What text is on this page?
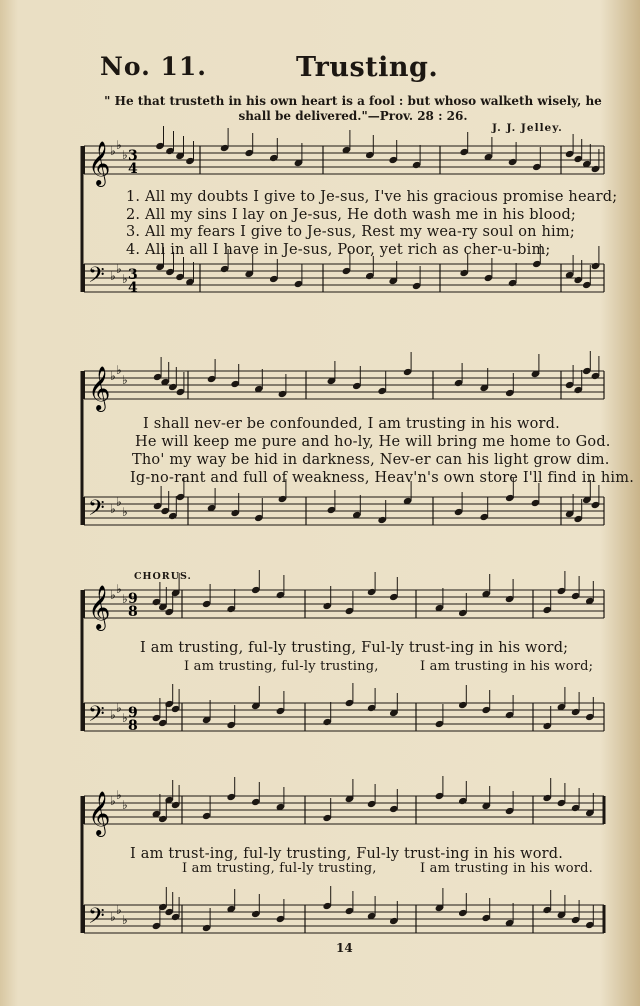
No. 11.	Trusting.
" He that trusteth in his own heart is a fool : but whoso walketh wisely, he shall be delivered."—Prov. 28 : 26.
J. J. Jelley.
𝄞 ♭ ♭
♭
𝄢 ♭ ♭
♭
𝄞 ♭ ♭
♭
𝄢 ♭ ♭
♭
𝄞 ♭ ♭
♭
𝄢 ♭ ♭
♭
𝄞 ♭ ♭
♭
𝄢 ♭ ♭
♭
3
4
3
4
9
8
9
8
1. All my doubts I give to Je-sus, I've his gracious promise heard;
2. All my sins I lay on Je-sus, He doth wash me in his blood;
3. All my fears I give to Je-sus, Rest my wea-ry soul on him;
4. All in all I have in Je-sus, Poor, yet rich as cher-u-bim;
I shall nev-er be confounded, I am trusting in his word.
He will keep me pure and ho-ly, He will bring me home to God.
Tho' my way be hid in darkness, Nev-er can his light grow dim.
Ig-no-rant and full of weakness, Heav'n's own store I'll find in him.
CHORUS.
I am trusting, ful-ly trusting, Ful-ly trust-ing in his word;
I am trusting, ful-ly trusting,	I am trusting in his word;
I am trust-ing, ful-ly trusting, Ful-ly trust-ing in his word.
I am trusting, ful-ly trusting,	I am trusting in his word.
14
